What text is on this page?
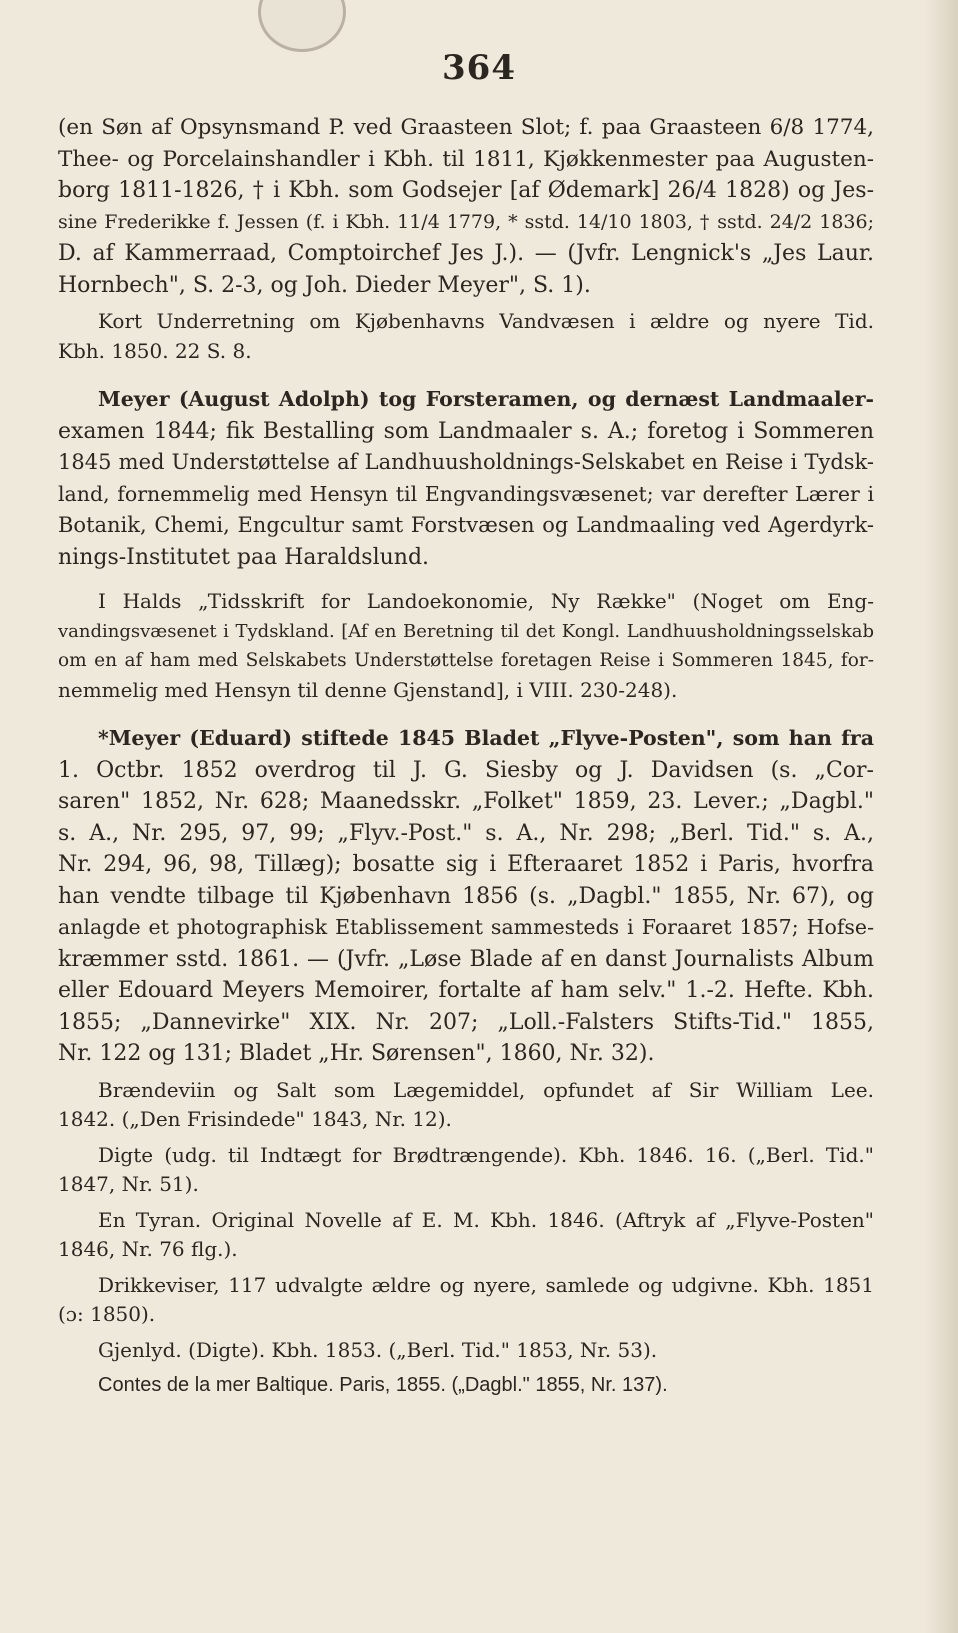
364
(en Søn af Opsynsmand P. ved Graasteen Slot; f. paa Graasteen 6/8 1774,
Thee- og Porcelainshandler i Kbh. til 1811, Kjøkkenmester paa Augusten-
borg 1811-1826, † i Kbh. som Godsejer [af Ødemark] 26/4 1828) og Jes-
sine Frederikke f. Jessen (f. i Kbh. 11/4 1779, * sstd. 14/10 1803, † sstd. 24/2 1836;
D. af Kammerraad, Comptoirchef Jes J.). — (Jvfr. Lengnick's „Jes Laur.
Hornbech", S. 2-3, og Joh. Dieder Meyer", S. 1).
Kort Underretning om Kjøbenhavns Vandvæsen i ældre og nyere Tid.
Kbh. 1850. 22 S. 8.
Meyer (August Adolph) tog Forsteramen, og dernæst Landmaaler-
examen 1844; fik Bestalling som Landmaaler s. A.; foretog i Sommeren
1845 med Understøttelse af Landhuusholdnings-Selskabet en Reise i Tydsk-
land, fornemmelig med Hensyn til Engvandingsvæsenet; var derefter Lærer i
Botanik, Chemi, Engcultur samt Forstvæsen og Landmaaling ved Agerdyrk-
nings-Institutet paa Haraldslund.
I Halds „Tidsskrift for Landoekonomie, Ny Række" (Noget om Eng-
vandingsvæsenet i Tydskland. [Af en Beretning til det Kongl. Landhuusholdningsselskab
om en af ham med Selskabets Understøttelse foretagen Reise i Sommeren 1845, for-
nemmelig med Hensyn til denne Gjenstand], i VIII. 230-248).
*Meyer (Eduard) stiftede 1845 Bladet „Flyve-Posten", som han fra
1. Octbr. 1852 overdrog til J. G. Siesby og J. Davidsen (s. „Cor-
saren" 1852, Nr. 628; Maanedsskr. „Folket" 1859, 23. Lever.; „Dagbl."
s. A., Nr. 295, 97, 99; „Flyv.-Post." s. A., Nr. 298; „Berl. Tid." s. A.,
Nr. 294, 96, 98, Tillæg); bosatte sig i Efteraaret 1852 i Paris, hvorfra
han vendte tilbage til Kjøbenhavn 1856 (s. „Dagbl." 1855, Nr. 67), og
anlagde et photographisk Etablissement sammesteds i Foraaret 1857; Hofse-
kræmmer sstd. 1861. — (Jvfr. „Løse Blade af en danst Journalists Album
eller Edouard Meyers Memoirer, fortalte af ham selv." 1.-2. Hefte. Kbh.
1855; „Dannevirke" XIX. Nr. 207; „Loll.-Falsters Stifts-Tid." 1855,
Nr. 122 og 131; Bladet „Hr. Sørensen", 1860, Nr. 32).
Brændeviin og Salt som Lægemiddel, opfundet af Sir William Lee.
1842. („Den Frisindede" 1843, Nr. 12).
Digte (udg. til Indtægt for Brødtrængende). Kbh. 1846. 16. („Berl. Tid."
1847, Nr. 51).
En Tyran. Original Novelle af E. M. Kbh. 1846. (Aftryk af „Flyve-Posten"
1846, Nr. 76 flg.).
Drikkeviser, 117 udvalgte ældre og nyere, samlede og udgivne. Kbh. 1851
(ɔ: 1850).
Gjenlyd. (Digte). Kbh. 1853. („Berl. Tid." 1853, Nr. 53).
Contes de la mer Baltique. Paris, 1855. („Dagbl." 1855, Nr. 137).
